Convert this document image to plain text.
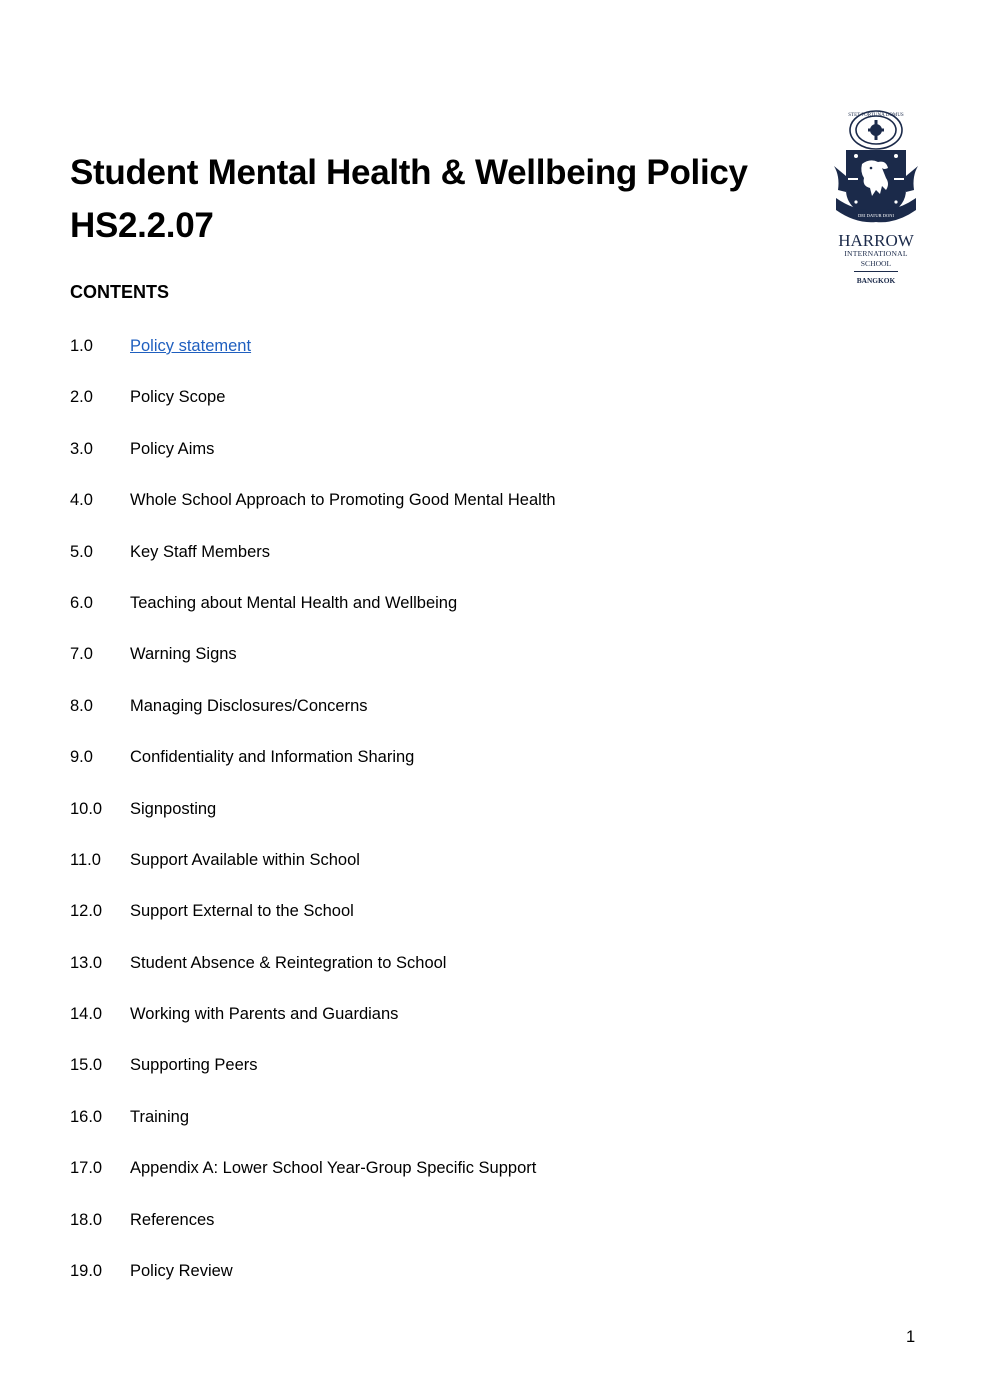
Student Mental Health & Wellbeing Policy
HS2.2.07	HARROW
INTERNATIONAL
SCHOOL
BANGKOK
STET FORTUNA DOMUS
DEI DATUR DONI
CONTENTS
1.0	Policy statement
2.0	Policy Scope
3.0	Policy Aims
4.0	Whole School Approach to Promoting Good Mental Health
5.0	Key Staff Members
6.0	Teaching about Mental Health and Wellbeing
7.0	Warning Signs
8.0	Managing Disclosures/Concerns
9.0	Confidentiality and Information Sharing
10.0	Signposting
11.0	Support Available within School
12.0	Support External to the School
13.0	Student Absence & Reintegration to School
14.0	Working with Parents and Guardians
15.0	Supporting Peers
16.0	Training
17.0	Appendix A: Lower School Year-Group Specific Support
18.0	References
19.0	Policy Review
1
